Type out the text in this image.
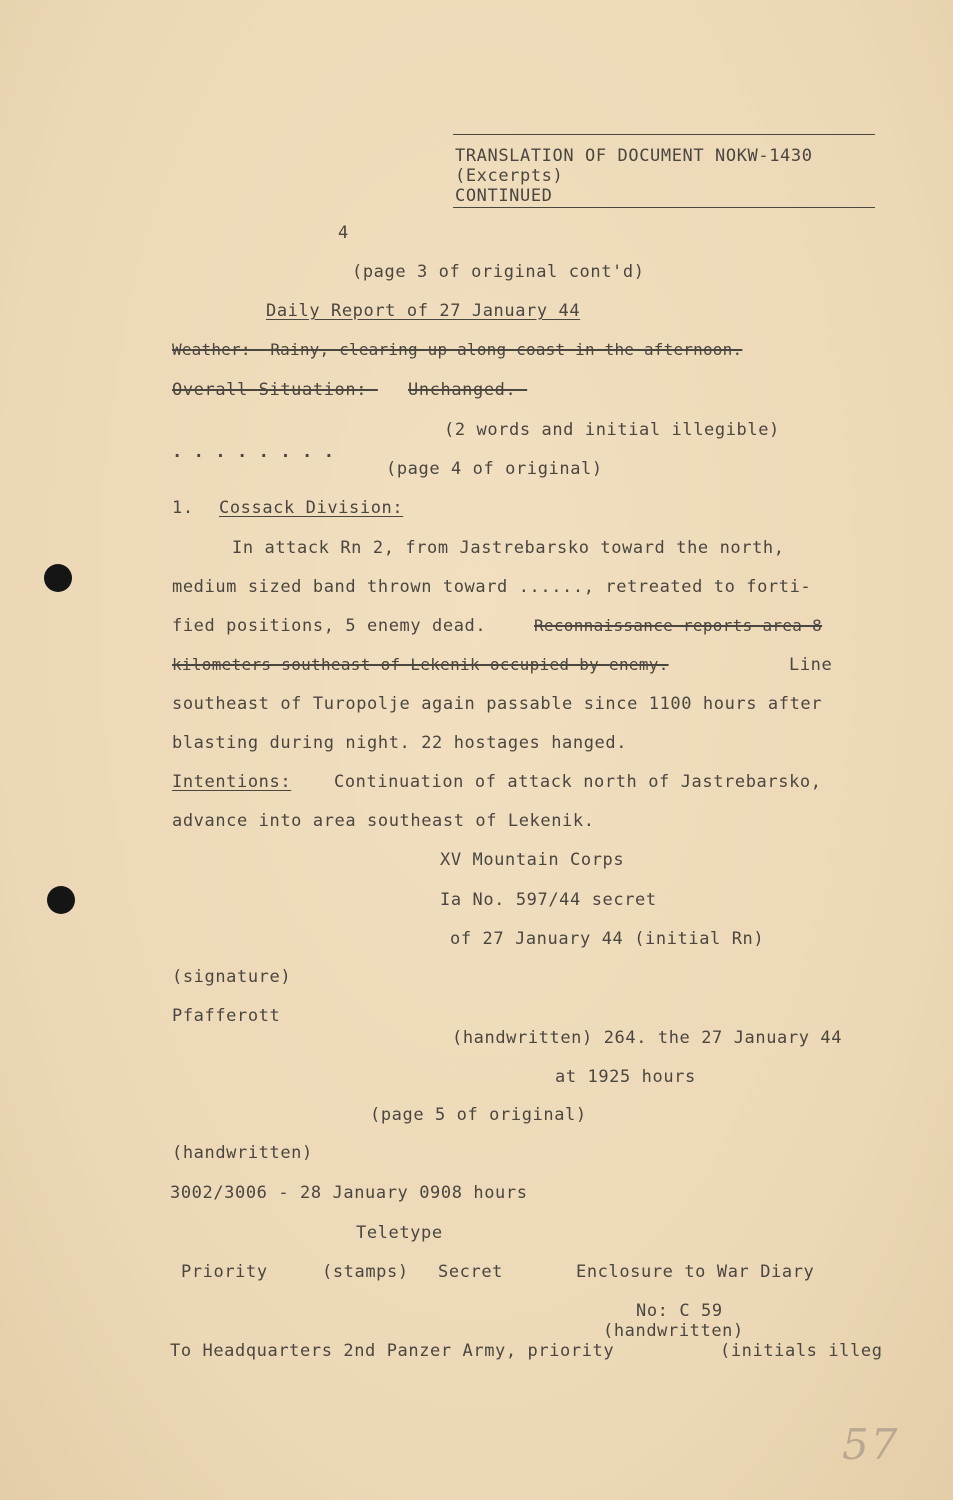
TRANSLATION OF DOCUMENT NOKW-1430
(Excerpts)
CONTINUED
4
(page 3 of original cont'd)
Daily Report of 27 January 44
Weather:--Rainy,-clearing-up-along-coast-in-the-afternoon.
Overall Situation:- Unchanged.-
(2 words and initial illegible)
. . . . . . . .
(page 4 of original)
1. Cossack Division:
In attack Rn 2, from Jastrebarsko toward the north,
medium sized band thrown toward ......, retreated to forti-
fied positions, 5 enemy dead.	Reconnaissance-reports-area-8
kilometers-southeast-of-Lekenik-occupied-by-enemy.	Line
southeast of Turopolje again passable since 1100 hours after
blasting during night. 22 hostages hanged.
Intentions:	Continuation of attack north of Jastrebarsko,
advance into area southeast of Lekenik.
XV Mountain Corps
Ia No. 597/44 secret
of 27 January 44 (initial Rn)
(signature)
Pfafferott
(handwritten) 264. the 27 January 44
at 1925 hours
(page 5 of original)
(handwritten)
3002/3006 - 28 January 0908 hours
Teletype
Priority	(stamps) Secret	Enclosure to War Diary
No: C 59
(handwritten)
To Headquarters 2nd Panzer Army, priority	(initials illeg
57
